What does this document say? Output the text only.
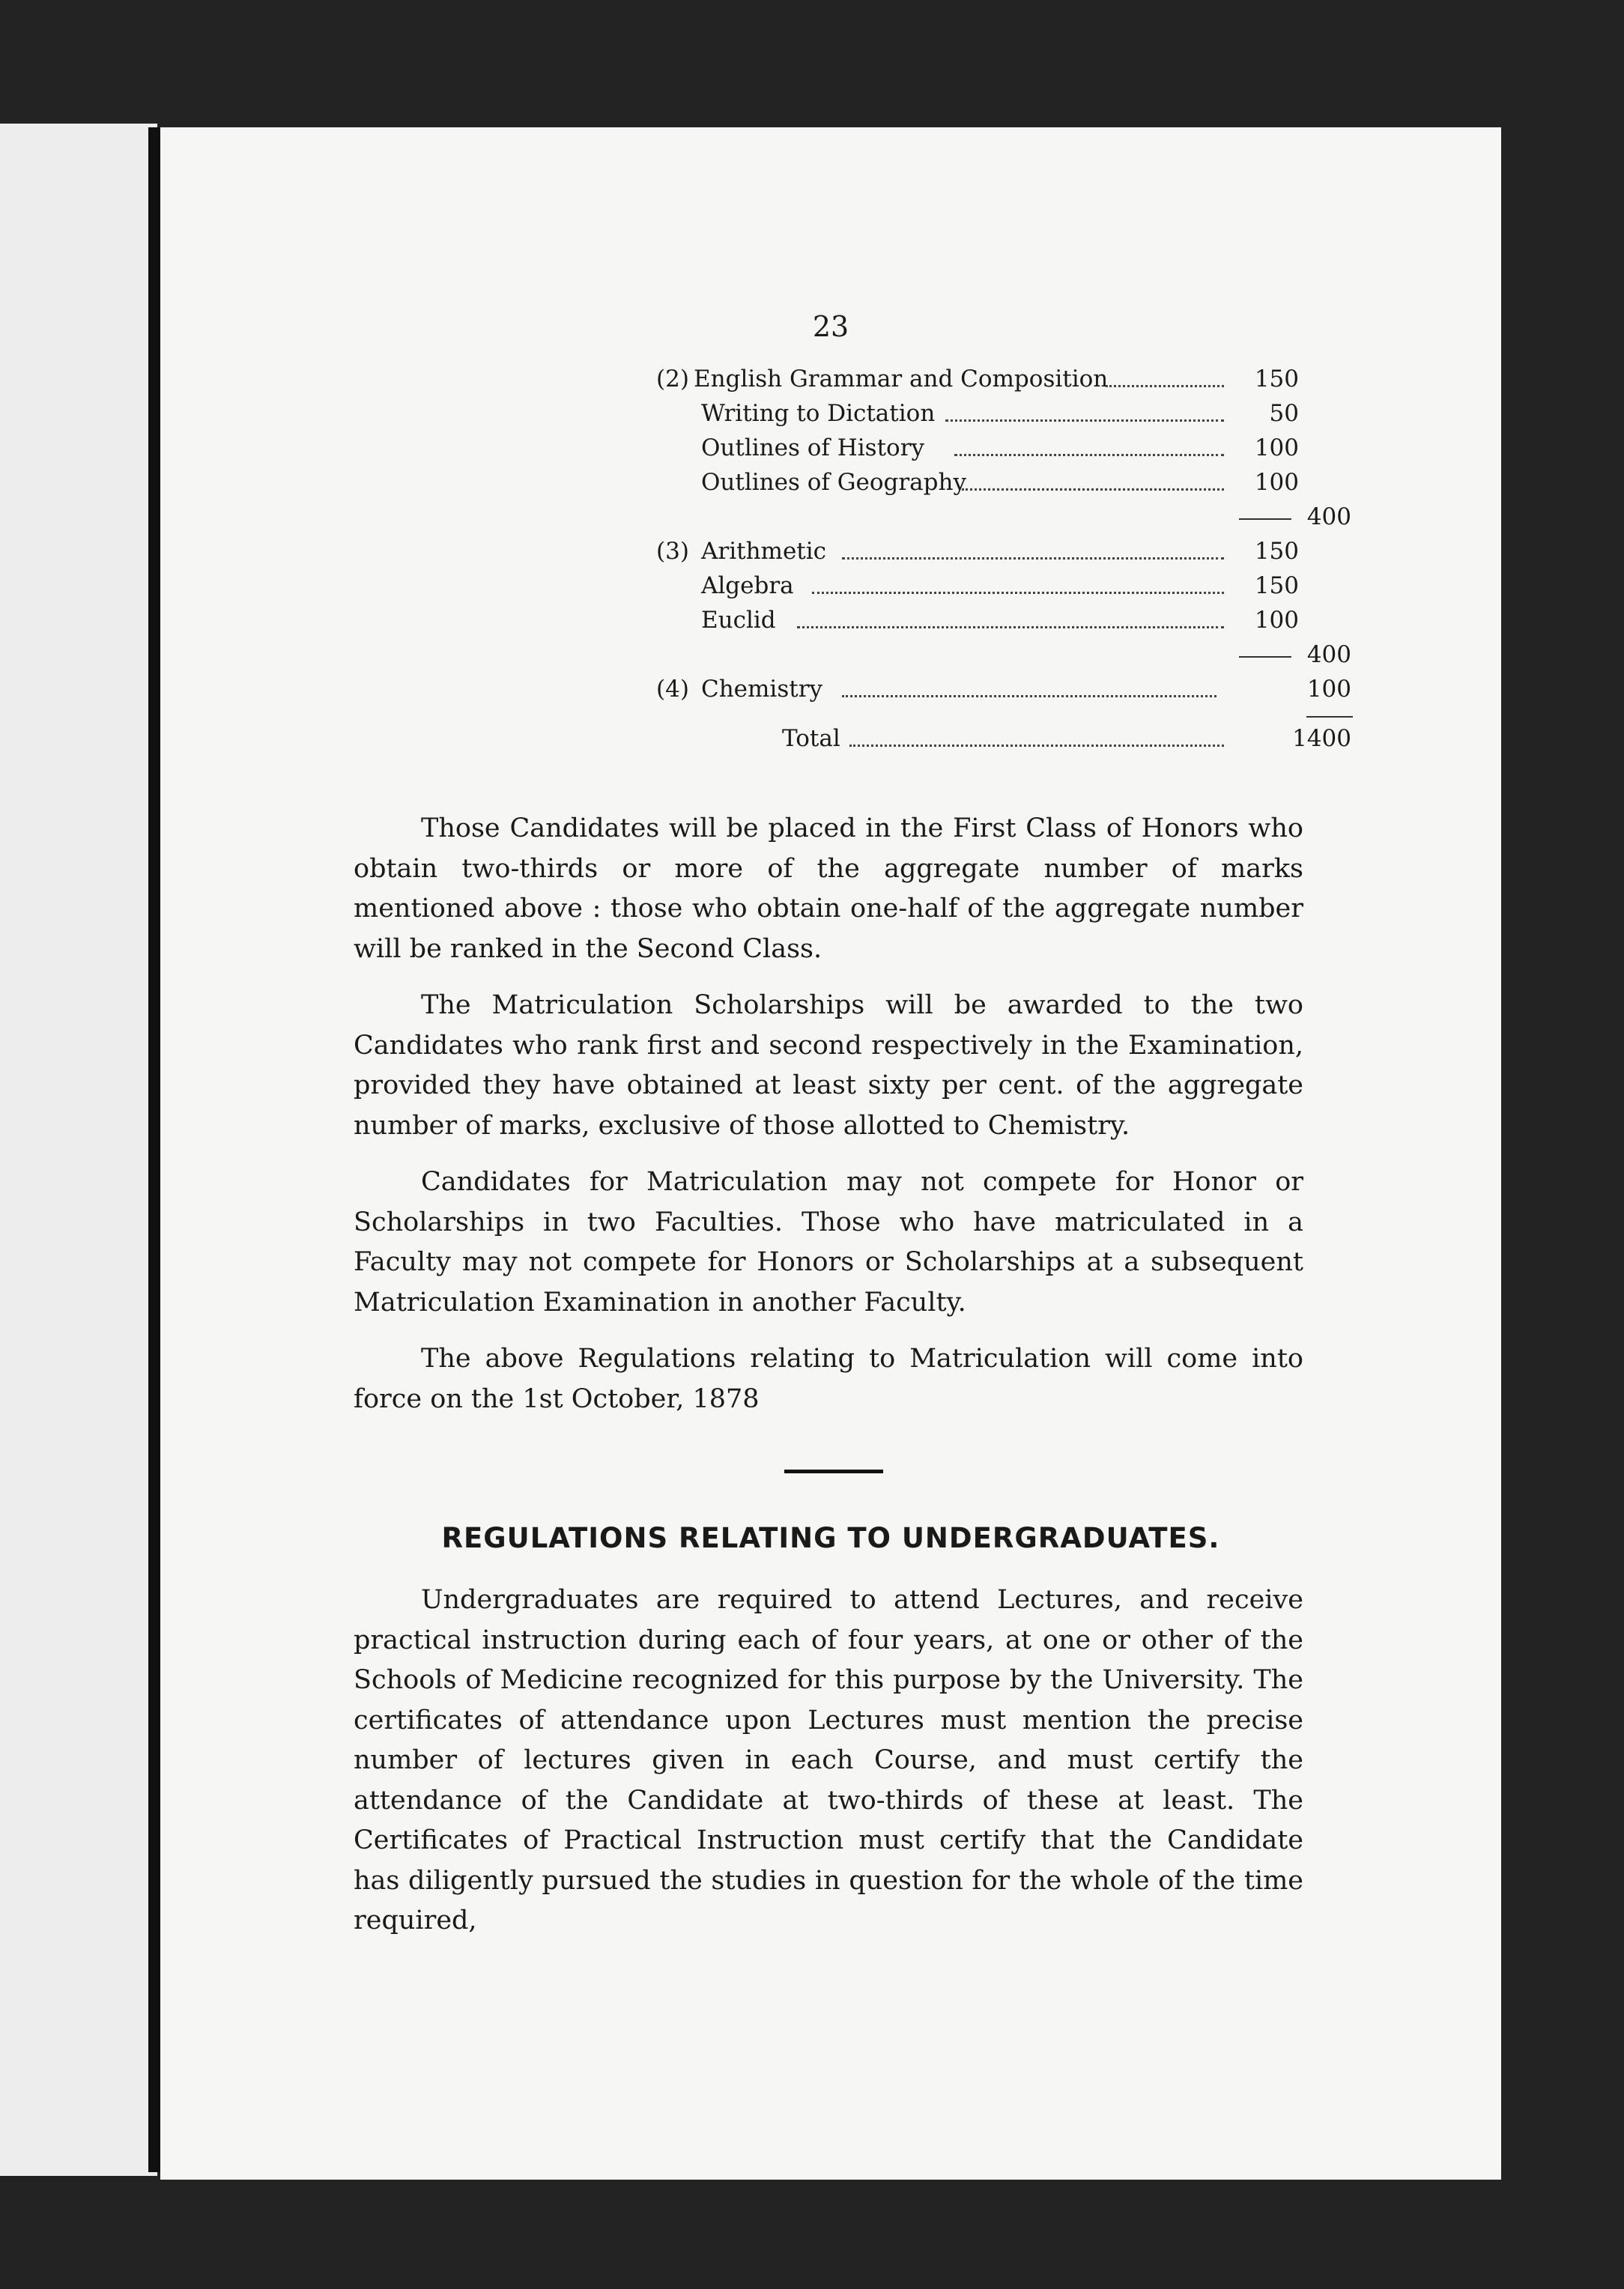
23
(2) English Grammar and Composition	150
Writing to Dictation	50
Outlines of History	100
Outlines of Geography	100
400
(3) Arithmetic	150
Algebra	150
Euclid	100
400
(4) Chemistry	100
Total	1400

Those Candidates will be placed in the First Class of Honors who obtain two-thirds or more of the aggregate number of marks mentioned above : those who obtain one-half of the aggregate number will be ranked in the Second Class.

The Matriculation Scholarships will be awarded to the two Candidates who rank first and second respectively in the Examination, provided they have obtained at least sixty per cent. of the aggregate number of marks, exclusive of those allotted to Chemistry.

Candidates for Matriculation may not compete for Honor or Scholarships in two Faculties. Those who have matriculated in a Faculty may not compete for Honors or Scholarships at a subsequent Matriculation Examination in another Faculty.

The above Regulations relating to Matriculation will come into force on the 1st October, 1878

REGULATIONS RELATING TO UNDERGRADUATES.

Undergraduates are required to attend Lectures, and receive practical instruction during each of four years, at one or other of the Schools of Medicine recognized for this purpose by the University. The certificates of attendance upon Lectures must mention the precise number of lectures given in each Course, and must certify the attendance of the Candidate at two-thirds of these at least. The Certificates of Practical Instruction must certify that the Candidate has diligently pursued the studies in question for the whole of the time required,
